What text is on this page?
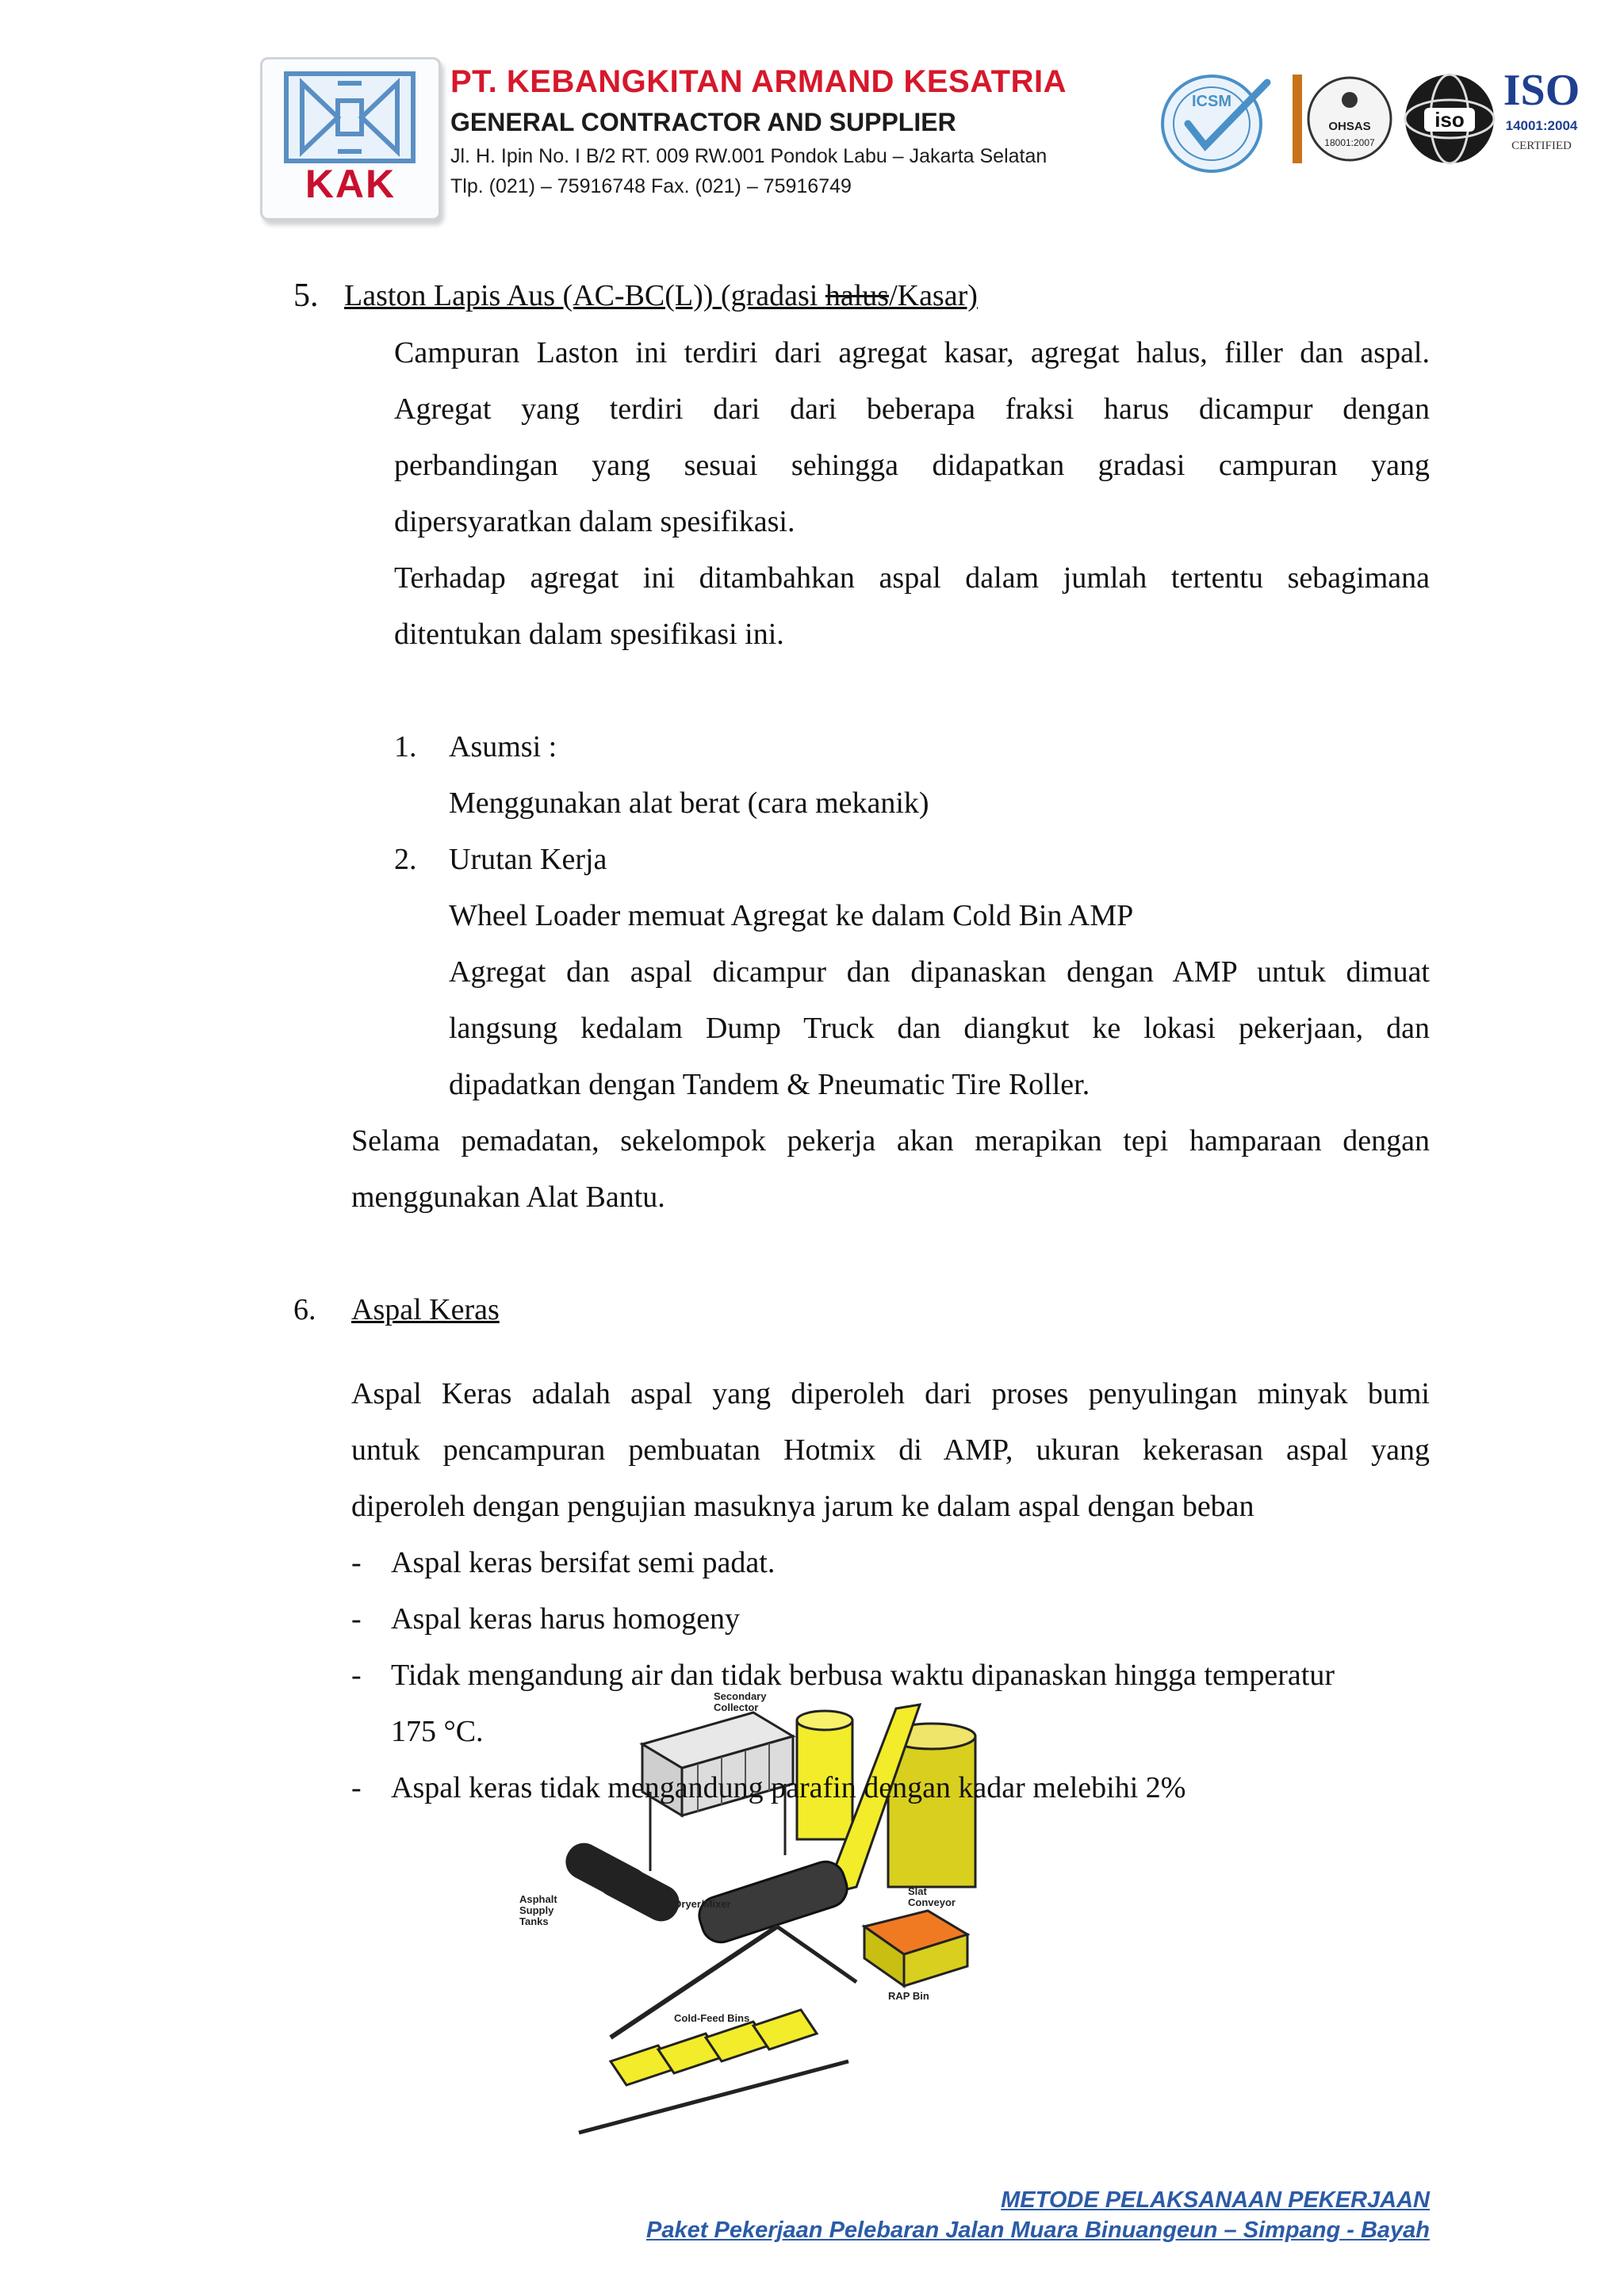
KAK
PT. KEBANGKITAN ARMAND KESATRIA
GENERAL CONTRACTOR AND SUPPLIER
Jl. H. Ipin No. I B/2 RT. 009 RW.001 Pondok Labu – Jakarta Selatan
Tlp. (021) – 75916748 Fax. (021) – 75916749
ICSM
OHSAS
18001:2007
iso
ISO
14001:2004
CERTIFIED
5. Laston Lapis Aus (AC-BC(L)) (gradasi halus/Kasar)
Campuran Laston ini terdiri dari agregat kasar, agregat halus, filler dan aspal.
Agregat yang terdiri dari dari beberapa fraksi harus dicampur dengan
perbandingan yang sesuai sehingga didapatkan gradasi campuran yang
dipersyaratkan dalam spesifikasi.
Terhadap agregat ini ditambahkan aspal dalam jumlah tertentu sebagimana
ditentukan dalam spesifikasi ini.
1. Asumsi :
Menggunakan alat berat (cara mekanik)
2. Urutan Kerja
Wheel Loader memuat Agregat ke dalam Cold Bin AMP
Agregat dan aspal dicampur dan dipanaskan dengan AMP untuk dimuat
langsung kedalam Dump Truck dan diangkut ke lokasi pekerjaan, dan
dipadatkan dengan Tandem & Pneumatic Tire Roller.
Selama pemadatan, sekelompok pekerja akan merapikan tepi hamparaan dengan
menggunakan Alat Bantu.
6. Aspal Keras
Aspal Keras adalah aspal yang diperoleh dari proses penyulingan minyak bumi
untuk pencampuran pembuatan Hotmix di AMP, ukuran kekerasan aspal yang
diperoleh dengan pengujian masuknya jarum ke dalam aspal dengan beban
- Aspal keras bersifat semi padat.
- Aspal keras harus homogeny
- Tidak mengandung air dan tidak berbusa waktu dipanaskan hingga temperatur
175 °C.
Secondary
Collector
Asphalt
Supply
Tanks
Dryer/Mixer
Slat
Conveyor
RAP Bin
Cold-Feed Bins
- Aspal keras tidak mengandung parafin dengan kadar melebihi 2%
METODE PELAKSANAAN PEKERJAAN
Paket Pekerjaan Pelebaran Jalan Muara Binuangeun – Simpang - Bayah
